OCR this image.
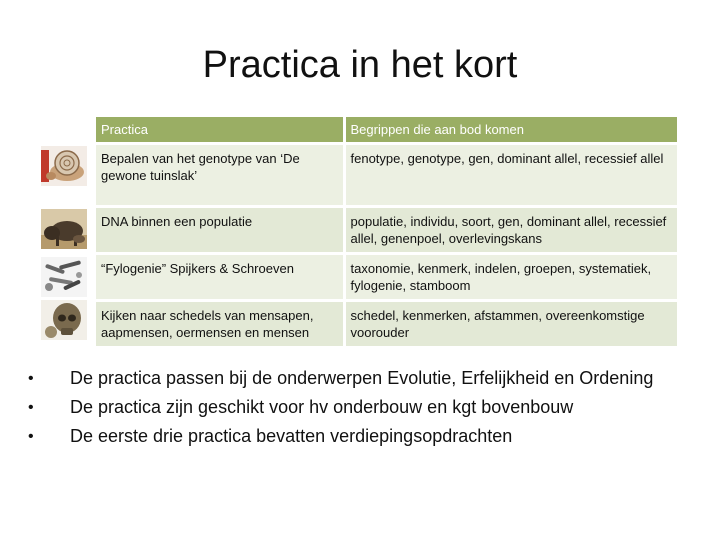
Practica in het kort
Practica	Begrippen die aan bod komen
Bepalen van het genotype van ‘De gewone tuinslak’	fenotype, genotype, gen, dominant allel, recessief allel
DNA binnen een populatie	populatie, individu, soort, gen, dominant allel, recessief allel, genenpoel, overlevingskans
“Fylogenie” Spijkers & Schroeven	taxonomie, kenmerk, indelen, groepen, systematiek, fylogenie, stamboom
Kijken naar schedels van mensapen, aapmensen, oermensen en mensen	schedel, kenmerken, afstammen, overeenkomstige voorouder
• De practica passen bij de onderwerpen Evolutie, Erfelijkheid en Ordening
• De practica zijn geschikt voor hv onderbouw en kgt bovenbouw
• De eerste drie practica bevatten verdiepingsopdrachten
